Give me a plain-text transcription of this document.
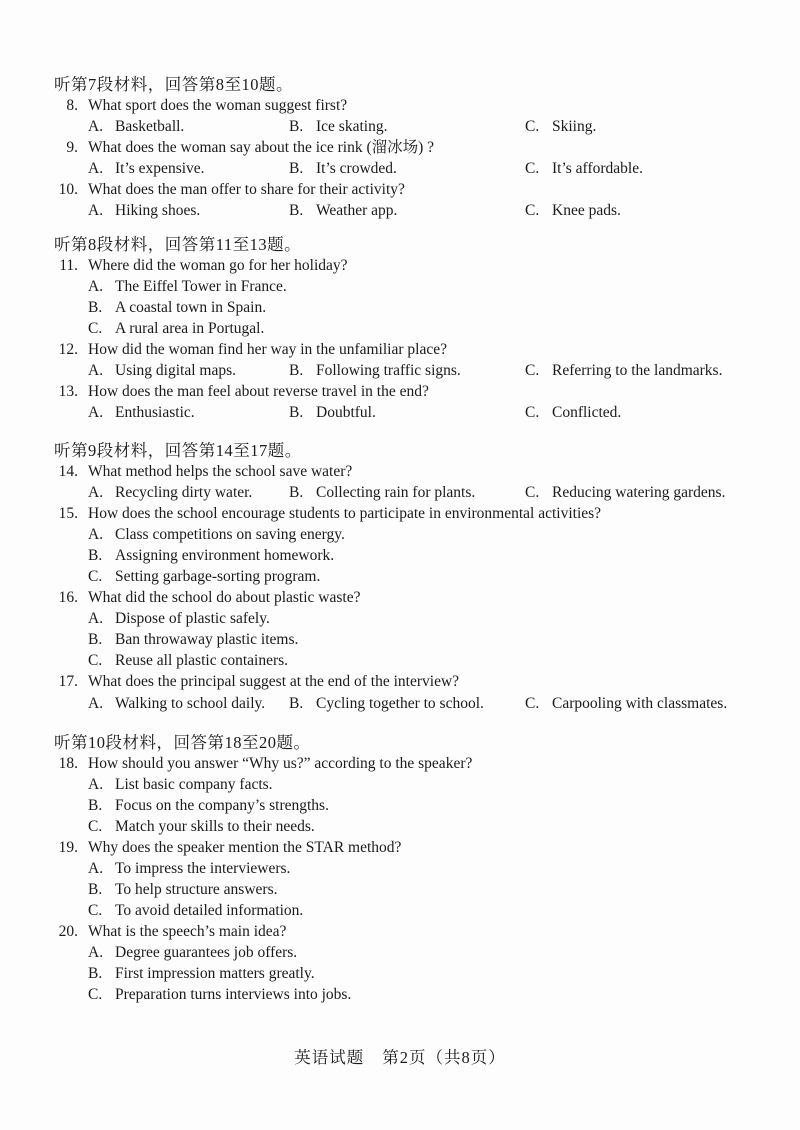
听第7段材料，回答第8至10题。
8. What sport does the woman suggest first?
A. Basketball.	B. Ice skating.	C. Skiing.
9. What does the woman say about the ice rink (溜冰场) ?
A. It’s expensive.	B. It’s crowded.	C. It’s affordable.
10. What does the man offer to share for their activity?
A. Hiking shoes.	B. Weather app.	C. Knee pads.
听第8段材料，回答第11至13题。
11. Where did the woman go for her holiday?
A. The Eiffel Tower in France.
B. A coastal town in Spain.
C. A rural area in Portugal.
12. How did the woman find her way in the unfamiliar place?
A. Using digital maps.	B. Following traffic signs.	C. Referring to the landmarks.
13. How does the man feel about reverse travel in the end?
A. Enthusiastic.	B. Doubtful.	C. Conflicted.
听第9段材料，回答第14至17题。
14. What method helps the school save water?
A. Recycling dirty water. B. Collecting rain for plants.	C. Reducing watering gardens.
15. How does the school encourage students to participate in environmental activities?
A. Class competitions on saving energy.
B. Assigning environment homework.
C. Setting garbage-sorting program.
16. What did the school do about plastic waste?
A. Dispose of plastic safely.
B. Ban throwaway plastic items.
C. Reuse all plastic containers.
17. What does the principal suggest at the end of the interview?
A. Walking to school daily. B. Cycling together to school.	C. Carpooling with classmates.
听第10段材料，回答第18至20题。
18. How should you answer “Why us?” according to the speaker?
A. List basic company facts.
B. Focus on the company’s strengths.
C. Match your skills to their needs.
19. Why does the speaker mention the STAR method?
A. To impress the interviewers.
B. To help structure answers.
C. To avoid detailed information.
20. What is the speech’s main idea?
A. Degree guarantees job offers.
B. First impression matters greatly.
C. Preparation turns interviews into jobs.
英语试题 第2页（共8页）
